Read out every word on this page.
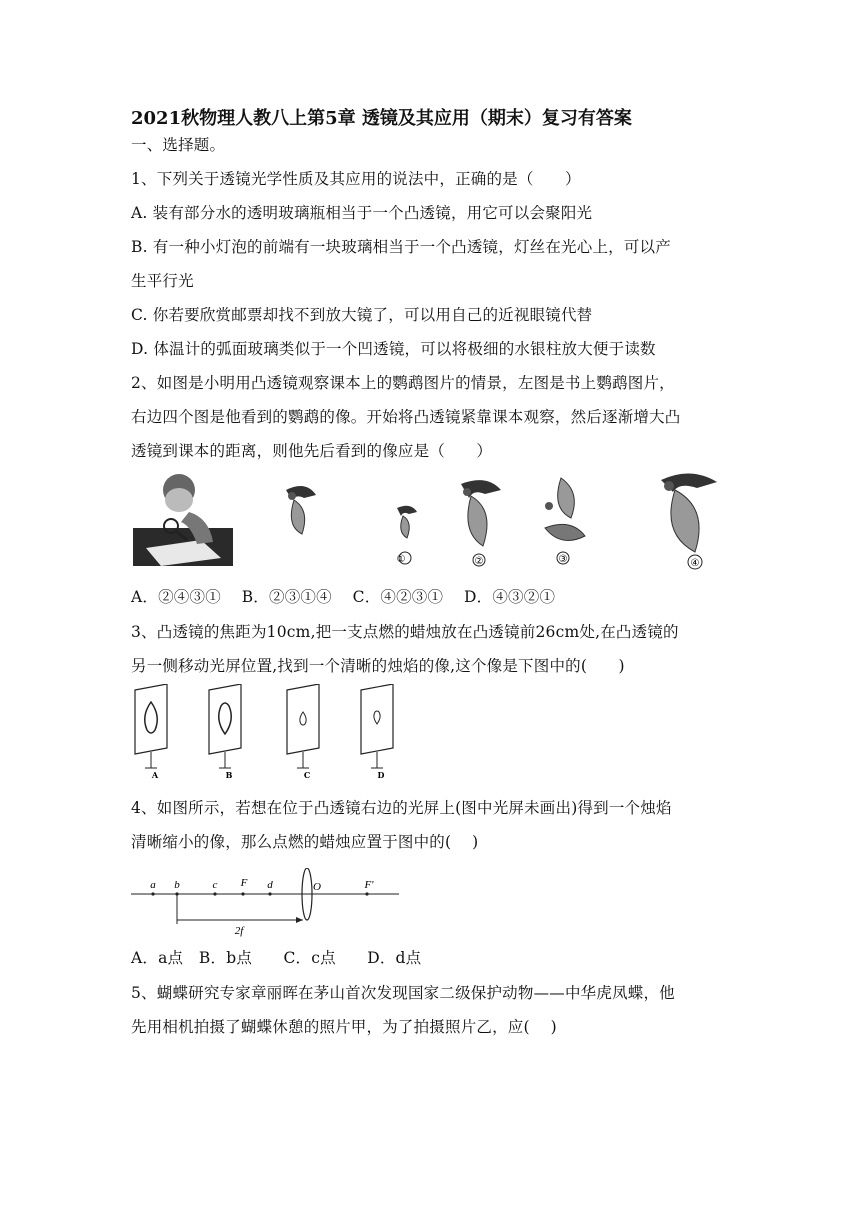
2021秋物理人教八上第5章 透镜及其应用（期末）复习有答案
一、选择题。
1、下列关于透镜光学性质及其应用的说法中，正确的是（　　）
A. 装有部分水的透明玻璃瓶相当于一个凸透镜，用它可以会聚阳光
B. 有一种小灯泡的前端有一块玻璃相当于一个凸透镜，灯丝在光心上，可以产
生平行光
C. 你若要欣赏邮票却找不到放大镜了，可以用自己的近视眼镜代替
D. 体温计的弧面玻璃类似于一个凹透镜，可以将极细的水银柱放大便于读数
2、如图是小明用凸透镜观察课本上的鹦鹉图片的情景，左图是书上鹦鹉图片，
右边四个图是他看到的鹦鹉的像。开始将凸透镜紧靠课本观察，然后逐渐增大凸
透镜到课本的距离，则他先后看到的像应是（　　）
①	②	③	④
A．②④③①　 B．②③①④　 C．④②③①　 D．④③②①
3、凸透镜的焦距为10cm,把一支点燃的蜡烛放在凸透镜前26cm处,在凸透镜的
另一侧移动光屏位置,找到一个清晰的烛焰的像,这个像是下图中的(　　)
A	B	C	D
4、如图所示，若想在位于凸透镜右边的光屏上(图中光屏未画出)得到一个烛焰
清晰缩小的像，那么点燃的蜡烛应置于图中的(　 )
a b	c F d	O	F'
2f
A．a点　B．b点　　C．c点　　D．d点
5、蝴蝶研究专家章丽晖在茅山首次发现国家二级保护动物——中华虎凤蝶，他
先用相机拍摄了蝴蝶休憩的照片甲，为了拍摄照片乙，应(　 )
